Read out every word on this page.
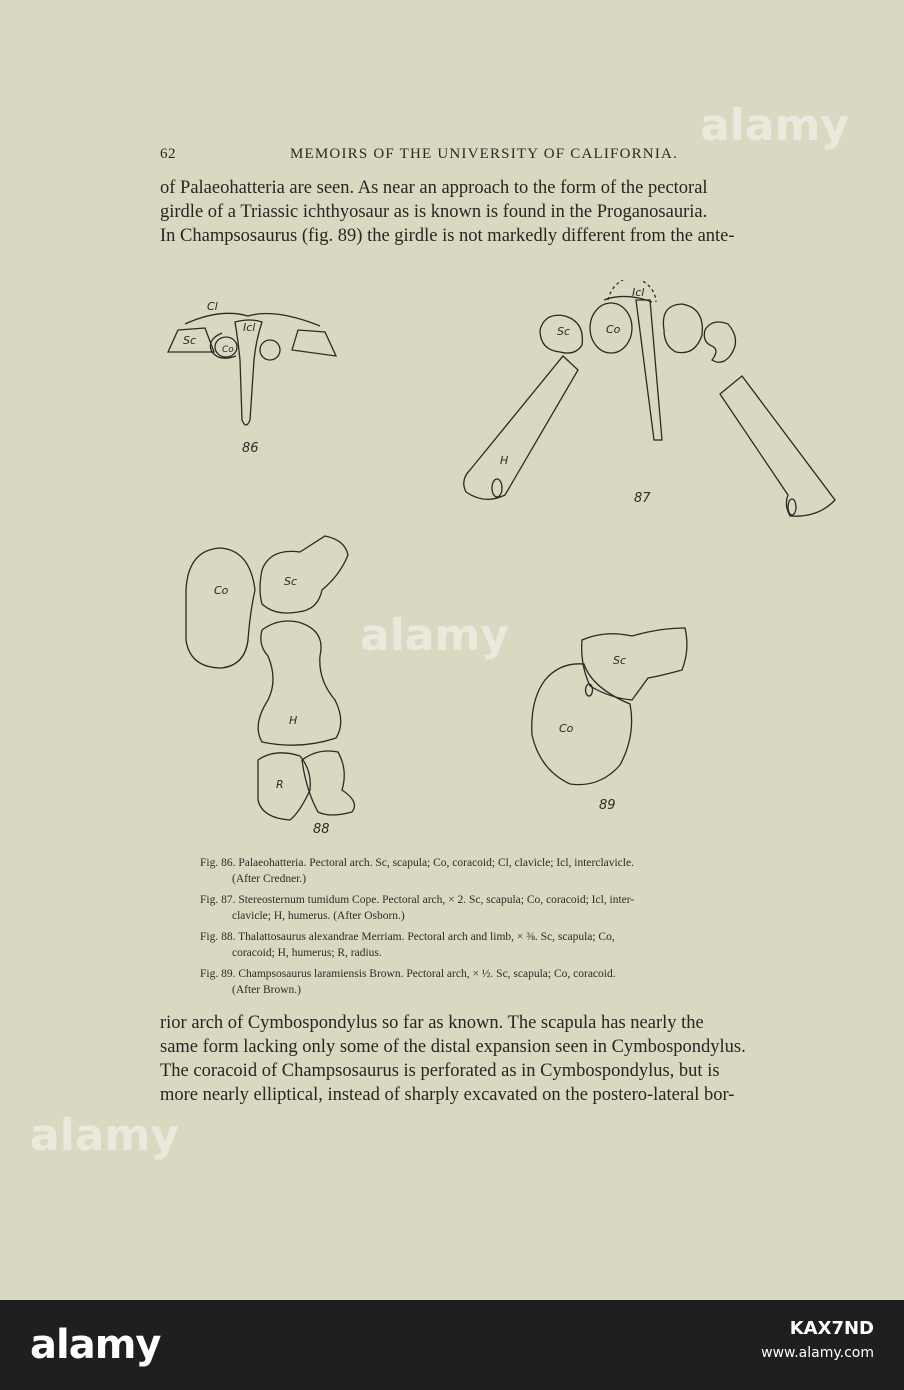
62	MEMOIRS OF THE UNIVERSITY OF CALIFORNIA.

of Palaeohatteria are seen. As near an approach to the form of the pectoral
girdle of a Triassic ichthyosaur as is known is found in the Proganosauria.
In Champsosaurus (fig. 89) the girdle is not markedly different from the ante-

Cl
Icl
Sc
Co
Icl
Sc	Co
H
Co
Sc
H
R
Sc
Co
86
87
88
89

Fig. 86. Palaeohatteria. Pectoral arch. Sc, scapula; Co, coracoid; Cl, clavicle; Icl, interclavicle.
(After Credner.)

Fig. 87. Stereosternum tumidum Cope. Pectoral arch, × 2. Sc, scapula; Co, coracoid; Icl, inter-
clavicle; H, humerus. (After Osborn.)

Fig. 88. Thalattosaurus alexandrae Merriam. Pectoral arch and limb, × ⅜. Sc, scapula; Co,
coracoid; H, humerus; R, radius.

Fig. 89. Champsosaurus laramiensis Brown. Pectoral arch, × ½. Sc, scapula; Co, coracoid.
(After Brown.)

rior arch of Cymbospondylus so far as known. The scapula has nearly the
same form lacking only some of the distal expansion seen in Cymbospondylus.
The coracoid of Champsosaurus is perforated as in Cymbospondylus, but is
more nearly elliptical, instead of sharply excavated on the postero-lateral bor-

alamy
alamy
alamy
alamy	KAX7ND
www.alamy.com
